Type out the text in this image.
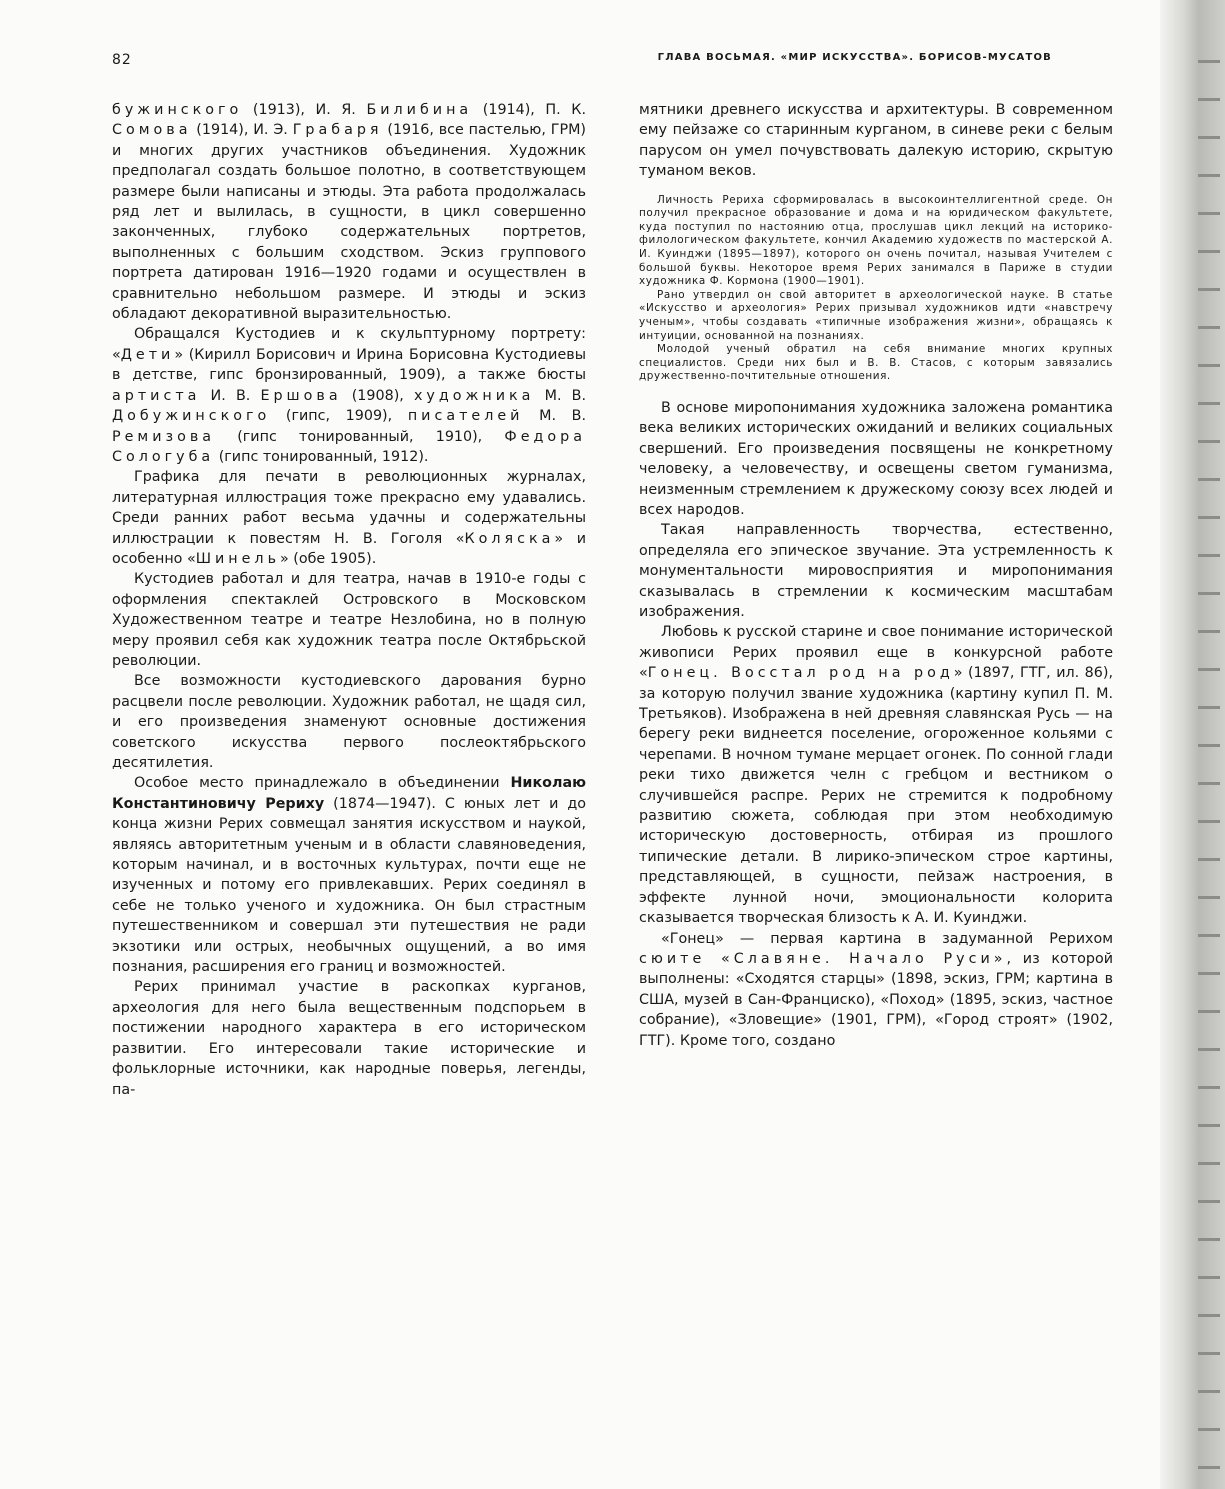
82	ГЛАВА ВОСЬМАЯ. «МИР ИСКУССТВА». БОРИСОВ-МУСАТОВ

бужинского (1913), И. Я. Билибина (1914), П. К. Сомова (1914), И. Э. Грабаря (1916, все пастелью, ГРМ) и многих других участников объединения. Художник предполагал создать большое полотно, в соответствующем размере были написаны и этюды. Эта работа продолжалась ряд лет и вылилась, в сущности, в цикл совершенно законченных, глубоко содержательных портретов, выполненных с большим сходством. Эскиз группового портрета датирован 1916—1920 годами и осуществлен в сравнительно небольшом размере. И этюды и эскиз обладают декоративной выразительностью.

Обращался Кустодиев и к скульптурному портрету: «Дети» (Кирилл Борисович и Ирина Борисовна Кустодиевы в детстве, гипс бронзированный, 1909), а также бюсты артиста И. В. Ершова (1908), художника М. В. Добужинского (гипс, 1909), писателей М. В. Ремизова (гипс тонированный, 1910), Федора Сологуба (гипс тонированный, 1912).

Графика для печати в революционных журналах, литературная иллюстрация тоже прекрасно ему удавались. Среди ранних работ весьма удачны и содержательны иллюстрации к повестям Н. В. Гоголя «Коляска» и особенно «Шинель» (обе 1905).

Кустодиев работал и для театра, начав в 1910-е годы с оформления спектаклей Островского в Московском Художественном театре и театре Незлобина, но в полную меру проявил себя как художник театра после Октябрьской революции.

Все возможности кустодиевского дарования бурно расцвели после революции. Художник работал, не щадя сил, и его произведения знаменуют основные достижения советского искусства первого послеоктябрьского десятилетия.

Особое место принадлежало в объединении Николаю Константиновичу Рериху (1874—1947). С юных лет и до конца жизни Рерих совмещал занятия искусством и наукой, являясь авторитетным ученым и в области славяноведения, которым начинал, и в восточных культурах, почти еще не изученных и потому его привлекавших. Рерих соединял в себе не только ученого и художника. Он был страстным путешественником и совершал эти путешествия не ради экзотики или острых, необычных ощущений, а во имя познания, расширения его границ и возможностей.

Рерих принимал участие в раскопках курганов, археология для него была вещественным подспорьем в постижении народного характера в его историческом развитии. Его интересовали такие исторические и фольклорные источники, как народные поверья, легенды, па-

мятники древнего искусства и архитектуры. В современном ему пейзаже со старинным курганом, в синеве реки с белым парусом он умел почувствовать далекую историю, скрытую туманом веков.

Личность Рериха сформировалась в высокоинтеллигентной среде. Он получил прекрасное образование и дома и на юридическом факультете, куда поступил по настоянию отца, прослушав цикл лекций на историко-филологическом факультете, кончил Академию художеств по мастерской А. И. Куинджи (1895—1897), которого он очень почитал, называя Учителем с большой буквы. Некоторое время Рерих занимался в Париже в студии художника Ф. Кормона (1900—1901).

Рано утвердил он свой авторитет в археологической науке. В статье «Искусство и археология» Рерих призывал художников идти «навстречу ученым», чтобы создавать «типичные изображения жизни», обращаясь к интуиции, основанной на познаниях.

Молодой ученый обратил на себя внимание многих крупных специалистов. Среди них был и В. В. Стасов, с которым завязались дружественно-почтительные отношения.

В основе миропонимания художника заложена романтика века великих исторических ожиданий и великих социальных свершений. Его произведения посвящены не конкретному человеку, а человечеству, и освещены светом гуманизма, неизменным стремлением к дружескому союзу всех людей и всех народов.

Такая направленность творчества, естественно, определяла его эпическое звучание. Эта устремленность к монументальности мировосприятия и миропонимания сказывалась в стремлении к космическим масштабам изображения.

Любовь к русской старине и свое понимание исторической живописи Рерих проявил еще в конкурсной работе «Гонец. Восстал род на род» (1897, ГТГ, ил. 86), за которую получил звание художника (картину купил П. М. Третьяков). Изображена в ней древняя славянская Русь — на берегу реки виднеется поселение, огороженное кольями с черепами. В ночном тумане мерцает огонек. По сонной глади реки тихо движется челн с гребцом и вестником о случившейся распре. Рерих не стремится к подробному развитию сюжета, соблюдая при этом необходимую историческую достоверность, отбирая из прошлого типические детали. В лирико-эпическом строе картины, представляющей, в сущности, пейзаж настроения, в эффекте лунной ночи, эмоциональности колорита сказывается творческая близость к А. И. Куинджи.

«Гонец» — первая картина в задуманной Рерихом сюите «Славяне. Начало Руси», из которой выполнены: «Сходятся старцы» (1898, эскиз, ГРМ; картина в США, музей в Сан-Франциско), «Поход» (1895, эскиз, частное собрание), «Зловещие» (1901, ГРМ), «Город строят» (1902, ГТГ). Кроме того, создано
